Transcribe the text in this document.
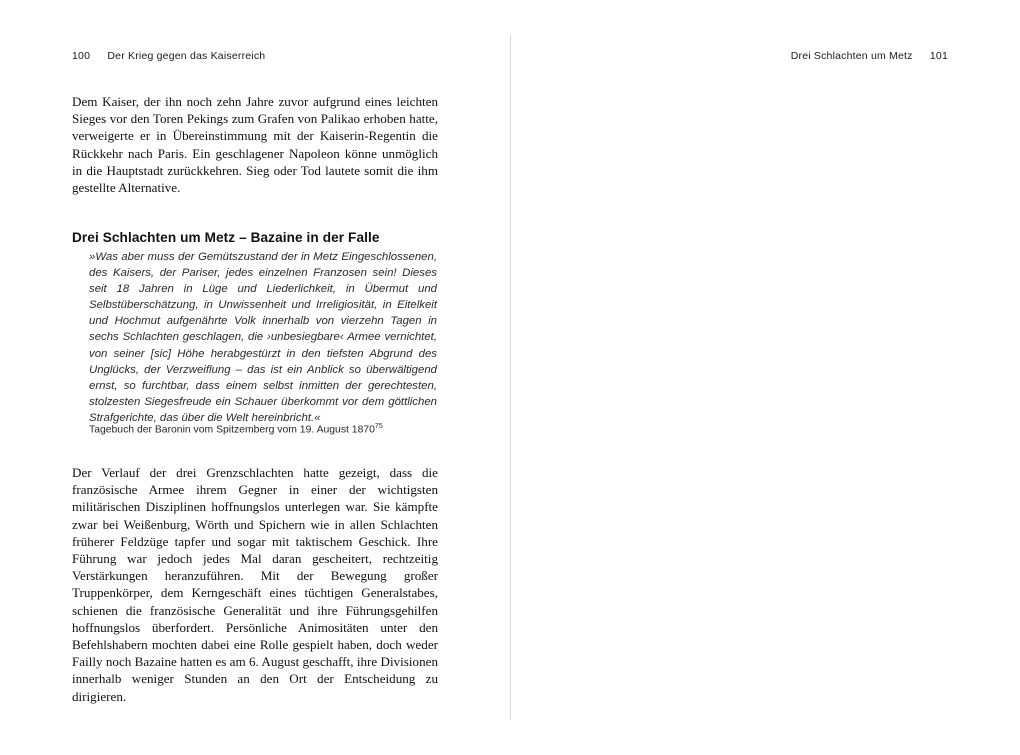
100 Der Krieg gegen das Kaiserreich

Dem Kaiser, der ihn noch zehn Jahre zuvor aufgrund eines leichten Sieges vor den Toren Pekings zum Grafen von Palikao erhoben hatte, verweigerte er in Übereinstimmung mit der Kaiserin-Regentin die Rückkehr nach Paris. Ein geschlagener Napoleon könne unmöglich in die Hauptstadt zurückkehren. Sieg oder Tod lautete somit die ihm gestellte Alternative.

Drei Schlachten um Metz – Bazaine in der Falle
»Was aber muss der Gemütszustand der in Metz Eingeschlossenen, des Kaisers, der Pariser, jedes einzelnen Franzosen sein! Dieses seit 18 Jahren in Lüge und Liederlichkeit, in Übermut und Selbstüberschätzung, in Unwissenheit und Irreligiosität, in Eitelkeit und Hochmut aufgenährte Volk innerhalb von vierzehn Tagen in sechs Schlachten geschlagen, die ›unbesiegbare‹ Armee vernichtet, von seiner [sic] Höhe herabgestürzt in den tiefsten Abgrund des Unglücks, der Verzweiflung – das ist ein Anblick so überwältigend ernst, so furchtbar, dass einem selbst inmitten der gerechtesten, stolzesten Siegesfreude ein Schauer überkommt vor dem göttlichen Strafgerichte, das über die Welt hereinbricht.«
Tagebuch der Baronin vom Spitzemberg vom 19. August 1870$^{75}$

Der Verlauf der drei Grenzschlachten hatte gezeigt, dass die französische Armee ihrem Gegner in einer der wichtigsten militärischen Disziplinen hoffnungslos unterlegen war. Sie kämpfte zwar bei Weißenburg, Wörth und Spichern wie in allen Schlachten früherer Feldzüge tapfer und sogar mit taktischem Geschick. Ihre Führung war jedoch jedes Mal daran gescheitert, rechtzeitig Verstärkungen heranzuführen. Mit der Bewegung großer Truppenkörper, dem Kerngeschäft eines tüchtigen Generalstabes, schienen die französische Generalität und ihre Führungsgehilfen hoffnungslos überfordert. Persönliche Animositäten unter den Befehlshabern mochten dabei eine Rolle gespielt haben, doch weder Failly noch Bazaine hatten es am 6. August geschafft, ihre Divisionen innerhalb weniger Stunden an den Ort der Entscheidung zu dirigieren.

Drei Schlachten um Metz 101
